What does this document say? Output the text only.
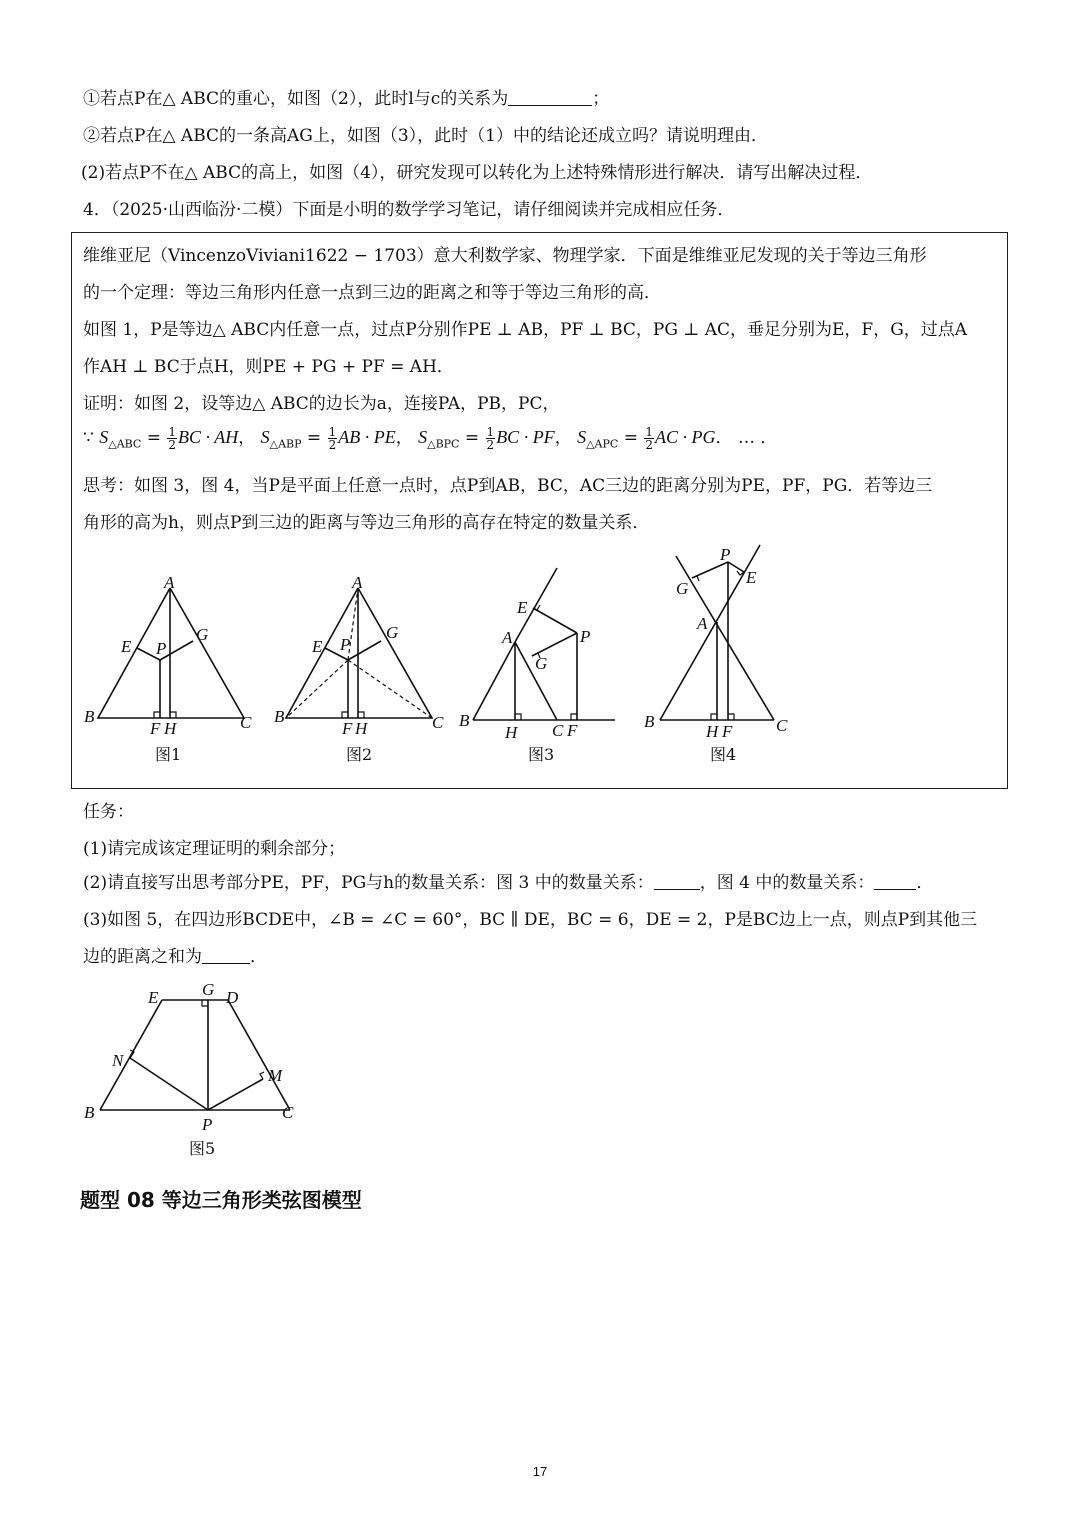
①若点P在△ ABC的重心，如图（2），此时l与c的关系为	；
②若点P在△ ABC的一条高AG上，如图（3），此时（1）中的结论还成立吗？请说明理由．
(2)若点P不在△ ABC的高上，如图（4），研究发现可以转化为上述特殊情形进行解决．请写出解决过程．
4．（2025·山西临汾·二模）下面是小明的数学学习笔记，请仔细阅读并完成相应任务．
维维亚尼（VincenzoViviani1622 − 1703）意大利数学家、物理学家．下面是维维亚尼发现的关于等边三角形
的一个定理：等边三角形内任意一点到三边的距离之和等于等边三角形的高．
如图 1，P是等边△ ABC内任意一点，过点P分别作PE ⊥ AB，PF ⊥ BC，PG ⊥ AC，垂足分别为E，F，G，过点A
作AH ⊥ BC于点H，则PE + PG + PF = AH．
证明：如图 2，设等边△ ABC的边长为a，连接PA，PB，PC，
∵ $S_{\triangle ABC} = \frac{1}{2}$ BC · AH， $S_{\triangle ABP} = \frac{1}{2}$ AB · PE， $S_{\triangle BPC} = \frac{1}{2}$ BC · PF， $S_{\triangle APC} = \frac{1}{2}$ AC · PG． … ．
思考：如图 3，图 4，当P是平面上任意一点时，点P到AB，BC，AC三边的距离分别为PE，PF，PG．若等边三
角形的高为h，则点P到三边的距离与等边三角形的高存在特定的数量关系．
A
B	C
E P
G
F H
图1
A
B	C
E P
G
F H
图2
E
A	P
G
B
H C F
图3
P
E
G
A
B	C
H F
图4
任务：
(1)请完成该定理证明的剩余部分；
(2)请直接写出思考部分PE，PF，PG与h的数量关系：图 3 中的数量关系：	，图 4 中的数量关系： ．
(3)如图 5，在四边形BCDE中，∠B = ∠C = 60°，BC ∥ DE，BC = 6，DE = 2，P是BC边上一点，则点P到其他三
边的距离之和为	．
E	G D
N
M
B	C
P
图5
题型 08 等边三角形类弦图模型
17
